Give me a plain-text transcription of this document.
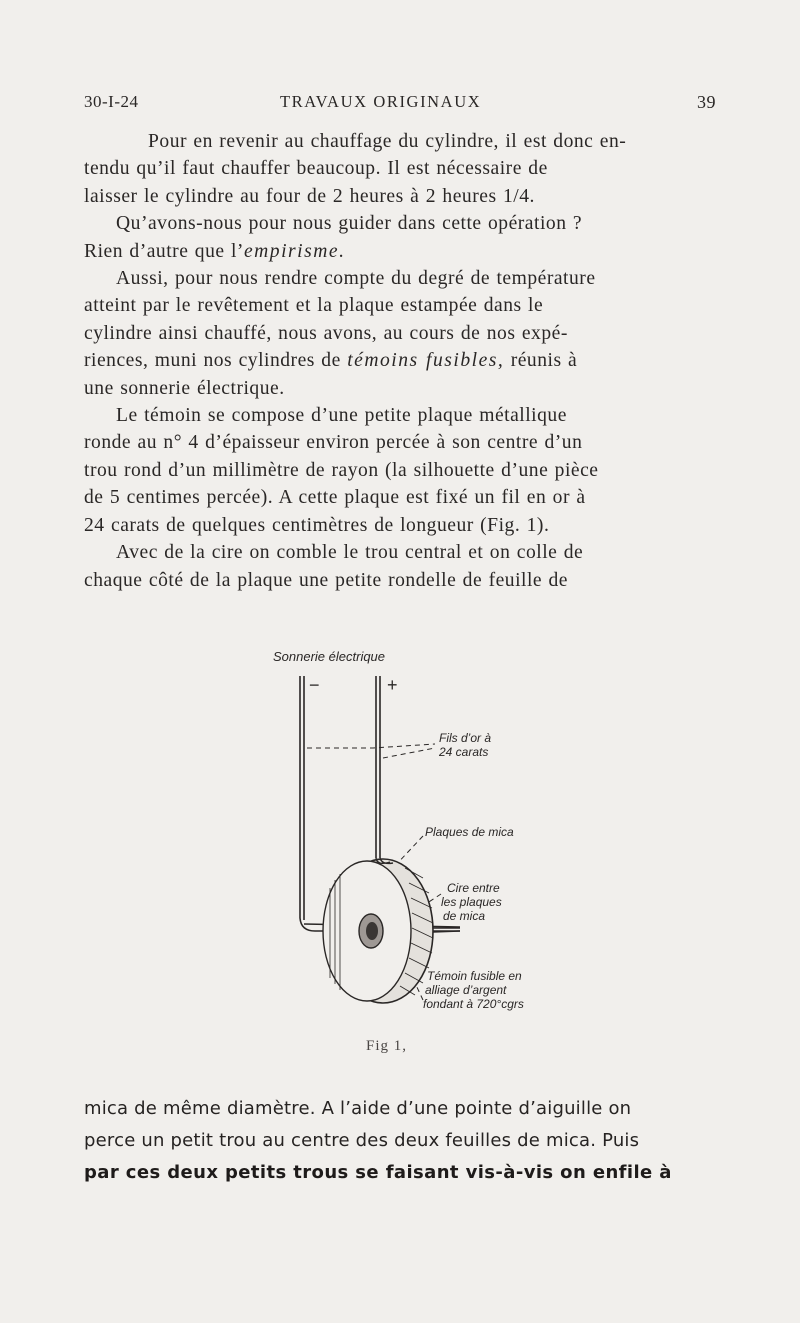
30-I-24	TRAVAUX ORIGINAUX	39

Pour en revenir au chauffage du cylindre, il est donc en-
tendu qu’il faut chauffer beaucoup. Il est nécessaire de
laisser le cylindre au four de 2 heures à 2 heures 1/4.

Qu’avons-nous pour nous guider dans cette opération ?
Rien d’autre que l’empirisme.

Aussi, pour nous rendre compte du degré de température
atteint par le revêtement et la plaque estampée dans le
cylindre ainsi chauffé, nous avons, au cours de nos expé-
riences, muni nos cylindres de témoins fusibles, réunis à
une sonnerie électrique.

Le témoin se compose d’une petite plaque métallique
ronde au n° 4 d’épaisseur environ percée à son centre d’un
trou rond d’un millimètre de rayon (la silhouette d’une pièce
de 5 centimes percée). A cette plaque est fixé un fil en or à
24 carats de quelques centimètres de longueur (Fig. 1).

Avec de la cire on comble le trou central et on colle de
chaque côté de la plaque une petite rondelle de feuille de

Sonnerie électrique
−	+
Fils d’or à
24 carats
Plaques de mica
Cire entre
les plaques
de mica
Témoin fusible en
alliage d’argent
fondant à 720°cgrs
Fig 1,
mica de même diamètre. A l’aide d’une pointe d’aiguille on
perce un petit trou au centre des deux feuilles de mica. Puis
par ces deux petits trous se faisant vis-à-vis on enfile à
